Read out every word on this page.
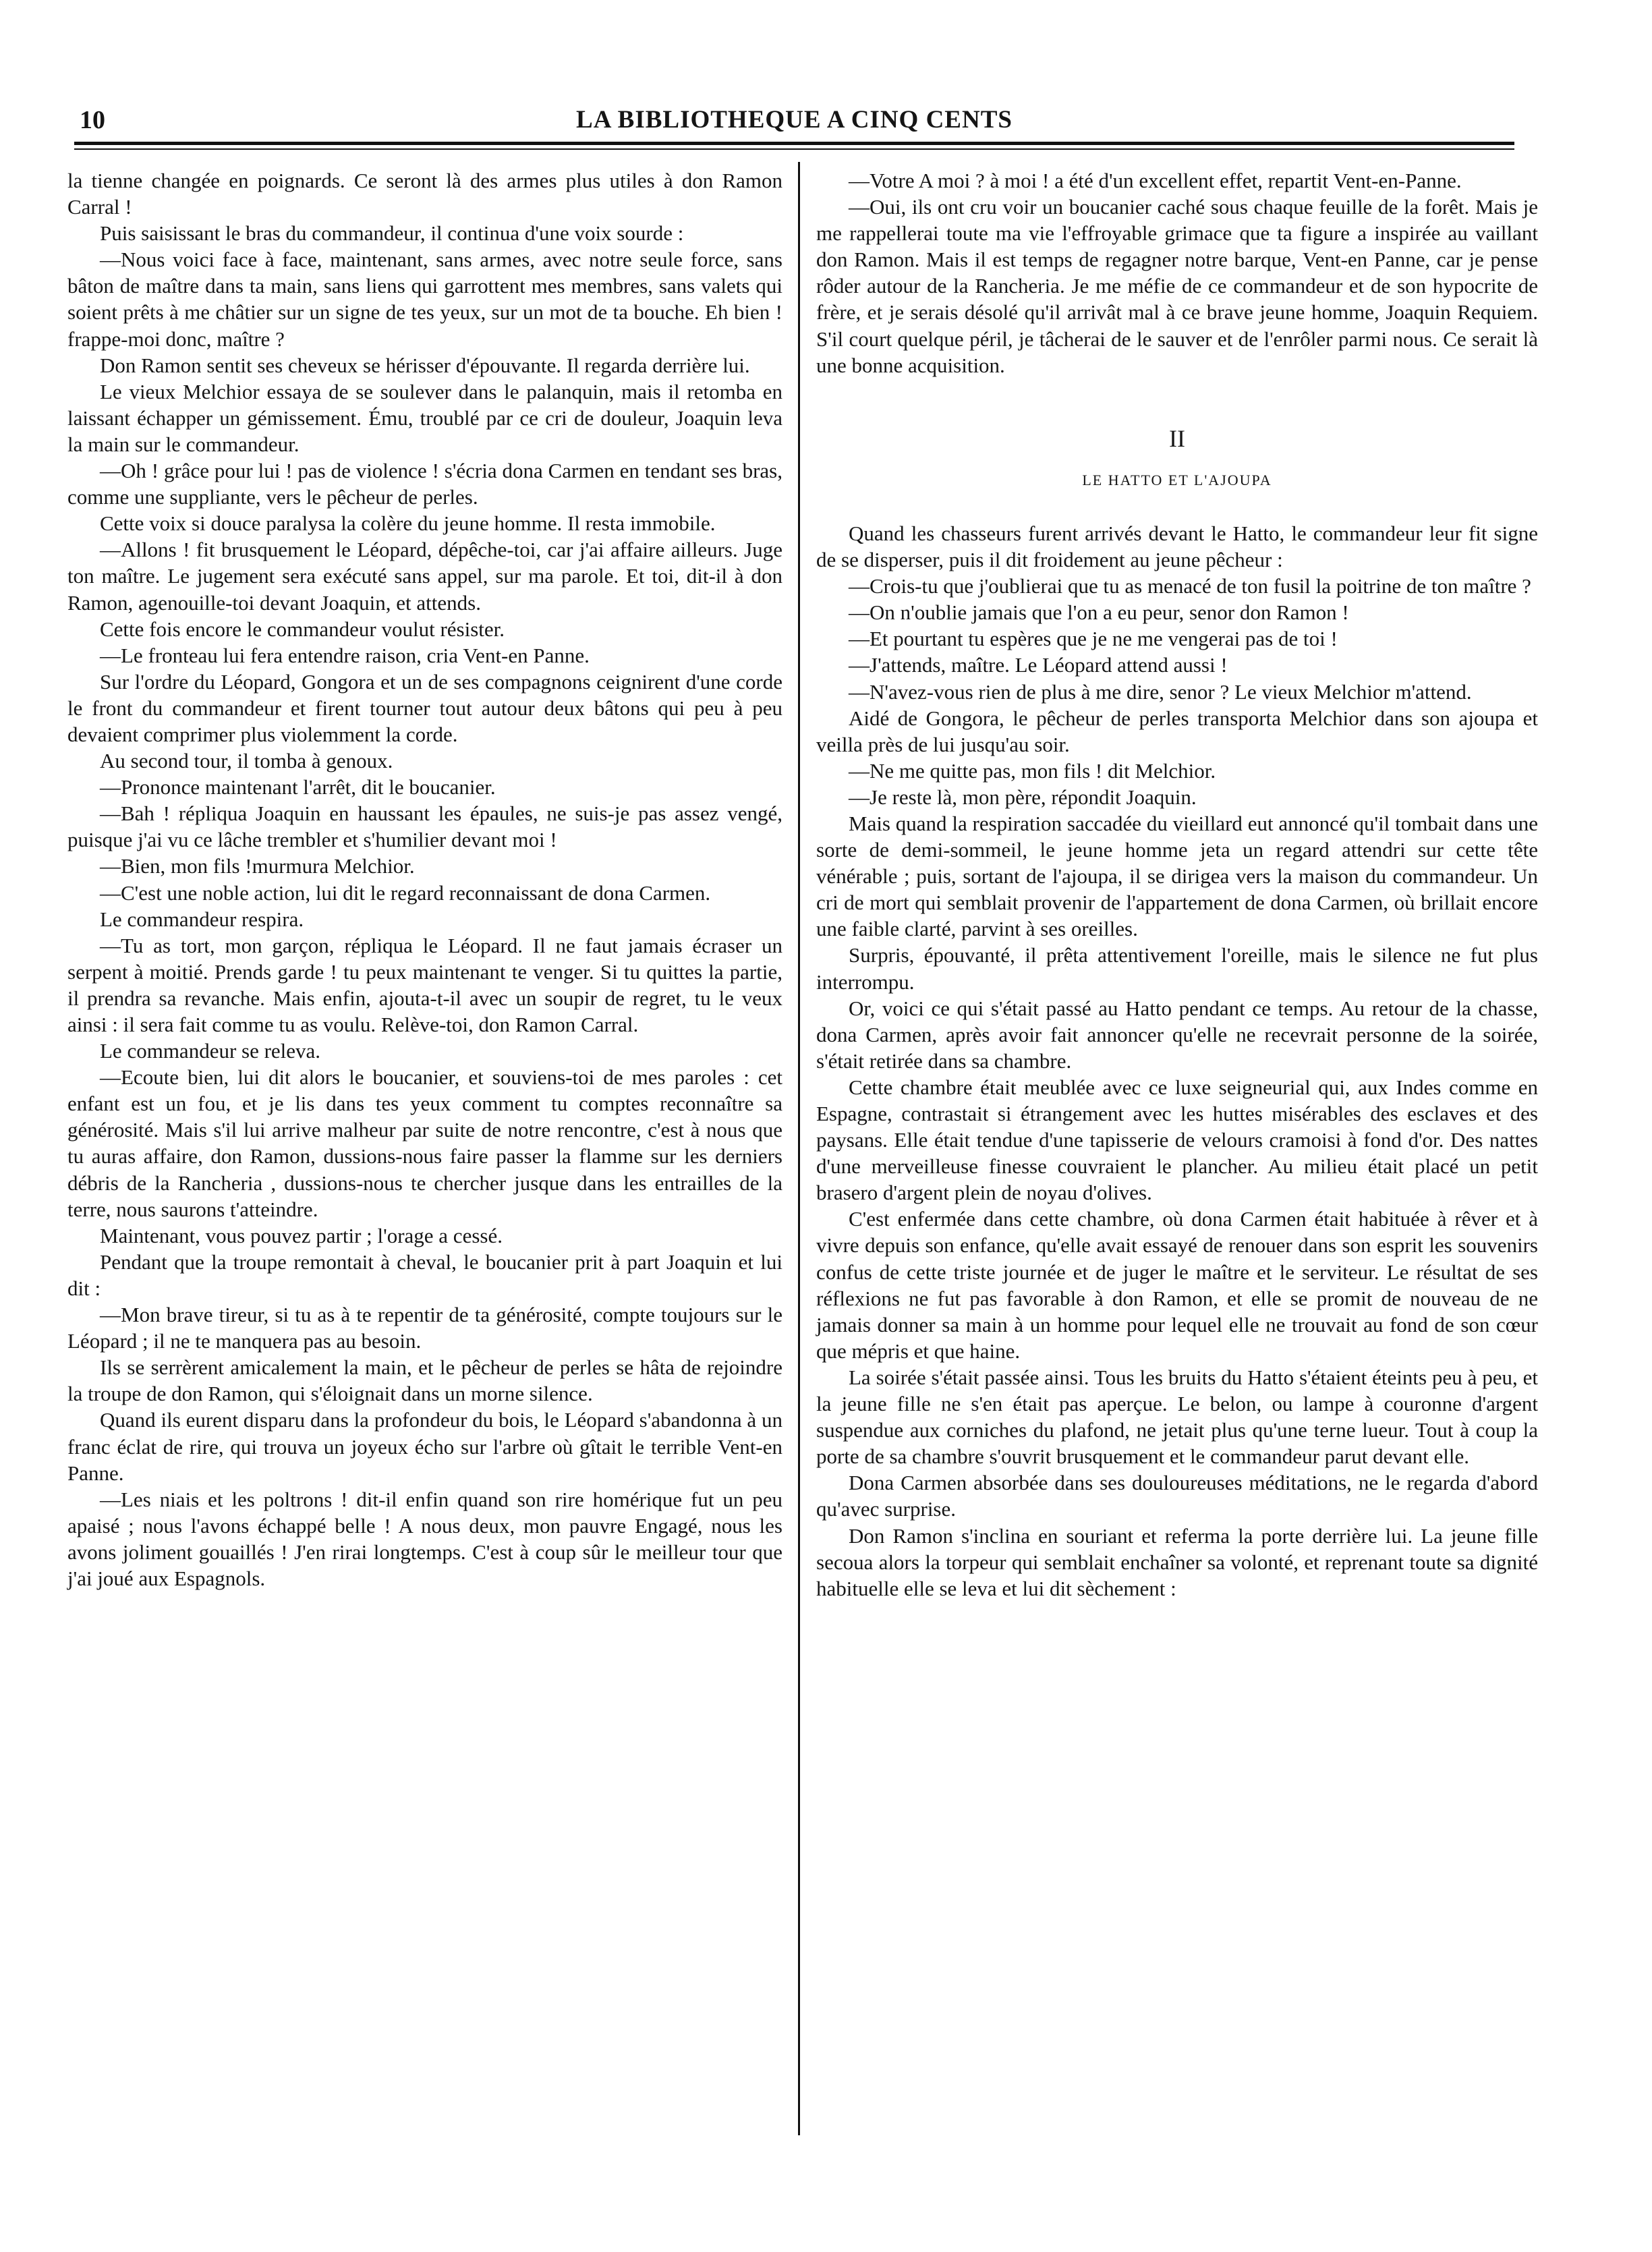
10	LA BIBLIOTHEQUE A CINQ CENTS

la tienne changée en poignards. Ce seront là des armes plus utiles à don Ramon Carral !

Puis saisissant le bras du commandeur, il continua d'une voix sourde :

—Nous voici face à face, maintenant, sans armes, avec notre seule force, sans bâton de maître dans ta main, sans liens qui garrottent mes membres, sans valets qui soient prêts à me châtier sur un signe de tes yeux, sur un mot de ta bouche. Eh bien ! frappe-moi donc, maître ?

Don Ramon sentit ses cheveux se hérisser d'épouvante. Il regarda derrière lui.

Le vieux Melchior essaya de se soulever dans le palanquin, mais il retomba en laissant échapper un gémissement. Ému, troublé par ce cri de douleur, Joaquin leva la main sur le commandeur.

—Oh ! grâce pour lui ! pas de violence ! s'écria dona Carmen en tendant ses bras, comme une suppliante, vers le pêcheur de perles.

Cette voix si douce paralysa la colère du jeune homme. Il resta immobile.

—Allons ! fit brusquement le Léopard, dépêche-toi, car j'ai affaire ailleurs. Juge ton maître. Le jugement sera exécuté sans appel, sur ma parole. Et toi, dit-il à don Ramon, agenouille-toi devant Joaquin, et attends.

Cette fois encore le commandeur voulut résister.

—Le fronteau lui fera entendre raison, cria Vent-en Panne.

Sur l'ordre du Léopard, Gongora et un de ses compagnons ceignirent d'une corde le front du commandeur et firent tourner tout autour deux bâtons qui peu à peu devaient comprimer plus violemment la corde.

Au second tour, il tomba à genoux.

—Prononce maintenant l'arrêt, dit le boucanier.

—Bah ! répliqua Joaquin en haussant les épaules, ne suis-je pas assez vengé, puisque j'ai vu ce lâche trembler et s'humilier devant moi !

—Bien, mon fils !murmura Melchior.

—C'est une noble action, lui dit le regard reconnaissant de dona Carmen.

Le commandeur respira.

—Tu as tort, mon garçon, répliqua le Léopard. Il ne faut jamais écraser un serpent à moitié. Prends garde ! tu peux maintenant te venger. Si tu quittes la partie, il prendra sa revanche. Mais enfin, ajouta-t-il avec un soupir de regret, tu le veux ainsi : il sera fait comme tu as voulu. Relève-toi, don Ramon Carral.

Le commandeur se releva.

—Ecoute bien, lui dit alors le boucanier, et souviens-toi de mes paroles : cet enfant est un fou, et je lis dans tes yeux comment tu comptes reconnaître sa générosité. Mais s'il lui arrive malheur par suite de notre rencontre, c'est à nous que tu auras affaire, don Ramon, dussions-nous faire passer la flamme sur les derniers débris de la Rancheria , dussions-nous te chercher jusque dans les entrailles de la terre, nous saurons t'atteindre.

Maintenant, vous pouvez partir ; l'orage a cessé.

Pendant que la troupe remontait à cheval, le boucanier prit à part Joaquin et lui dit :

—Mon brave tireur, si tu as à te repentir de ta générosité, compte toujours sur le Léopard ; il ne te manquera pas au besoin.

Ils se serrèrent amicalement la main, et le pêcheur de perles se hâta de rejoindre la troupe de don Ramon, qui s'éloignait dans un morne silence.

Quand ils eurent disparu dans la profondeur du bois, le Léopard s'abandonna à un franc éclat de rire, qui trouva un joyeux écho sur l'arbre où gîtait le terrible Vent-en Panne.

—Les niais et les poltrons ! dit-il enfin quand son rire homérique fut un peu apaisé ; nous l'avons échappé belle ! A nous deux, mon pauvre Engagé, nous les avons joliment gouaillés ! J'en rirai longtemps. C'est à coup sûr le meilleur tour que j'ai joué aux Espagnols.

—Votre A moi ? à moi ! a été d'un excellent effet, repartit Vent-en-Panne.

—Oui, ils ont cru voir un boucanier caché sous chaque feuille de la forêt. Mais je me rappellerai toute ma vie l'effroyable grimace que ta figure a inspirée au vaillant don Ramon. Mais il est temps de regagner notre barque, Vent-en Panne, car je pense rôder autour de la Rancheria. Je me méfie de ce commandeur et de son hypocrite de frère, et je serais désolé qu'il arrivât mal à ce brave jeune homme, Joaquin Requiem. S'il court quelque péril, je tâcherai de le sauver et de l'enrôler parmi nous. Ce serait là une bonne acquisition.

II

LE HATTO ET L'AJOUPA

Quand les chasseurs furent arrivés devant le Hatto, le commandeur leur fit signe de se disperser, puis il dit froidement au jeune pêcheur :

—Crois-tu que j'oublierai que tu as menacé de ton fusil la poitrine de ton maître ?

—On n'oublie jamais que l'on a eu peur, senor don Ramon !

—Et pourtant tu espères que je ne me vengerai pas de toi !

—J'attends, maître. Le Léopard attend aussi !

—N'avez-vous rien de plus à me dire, senor ? Le vieux Melchior m'attend.

Aidé de Gongora, le pêcheur de perles transporta Melchior dans son ajoupa et veilla près de lui jusqu'au soir.

—Ne me quitte pas, mon fils ! dit Melchior.

—Je reste là, mon père, répondit Joaquin.

Mais quand la respiration saccadée du vieillard eut annoncé qu'il tombait dans une sorte de demi-sommeil, le jeune homme jeta un regard attendri sur cette tête vénérable ; puis, sortant de l'ajoupa, il se dirigea vers la maison du commandeur. Un cri de mort qui semblait provenir de l'appartement de dona Carmen, où brillait encore une faible clarté, parvint à ses oreilles.

Surpris, épouvanté, il prêta attentivement l'oreille, mais le silence ne fut plus interrompu.

Or, voici ce qui s'était passé au Hatto pendant ce temps. Au retour de la chasse, dona Carmen, après avoir fait annoncer qu'elle ne recevrait personne de la soirée, s'était retirée dans sa chambre.

Cette chambre était meublée avec ce luxe seigneurial qui, aux Indes comme en Espagne, contrastait si étrangement avec les huttes misérables des esclaves et des paysans. Elle était tendue d'une tapisserie de velours cramoisi à fond d'or. Des nattes d'une merveilleuse finesse couvraient le plancher. Au milieu était placé un petit brasero d'argent plein de noyau d'olives.

C'est enfermée dans cette chambre, où dona Carmen était habituée à rêver et à vivre depuis son enfance, qu'elle avait essayé de renouer dans son esprit les souvenirs confus de cette triste journée et de juger le maître et le serviteur. Le résultat de ses réflexions ne fut pas favorable à don Ramon, et elle se promit de nouveau de ne jamais donner sa main à un homme pour lequel elle ne trouvait au fond de son cœur que mépris et que haine.

La soirée s'était passée ainsi. Tous les bruits du Hatto s'étaient éteints peu à peu, et la jeune fille ne s'en était pas aperçue. Le belon, ou lampe à couronne d'argent suspendue aux corniches du plafond, ne jetait plus qu'une terne lueur. Tout à coup la porte de sa chambre s'ouvrit brusquement et le commandeur parut devant elle.

Dona Carmen absorbée dans ses douloureuses méditations, ne le regarda d'abord qu'avec surprise.

Don Ramon s'inclina en souriant et referma la porte derrière lui. La jeune fille secoua alors la torpeur qui semblait enchaîner sa volonté, et reprenant toute sa dignité habituelle elle se leva et lui dit sèchement :
